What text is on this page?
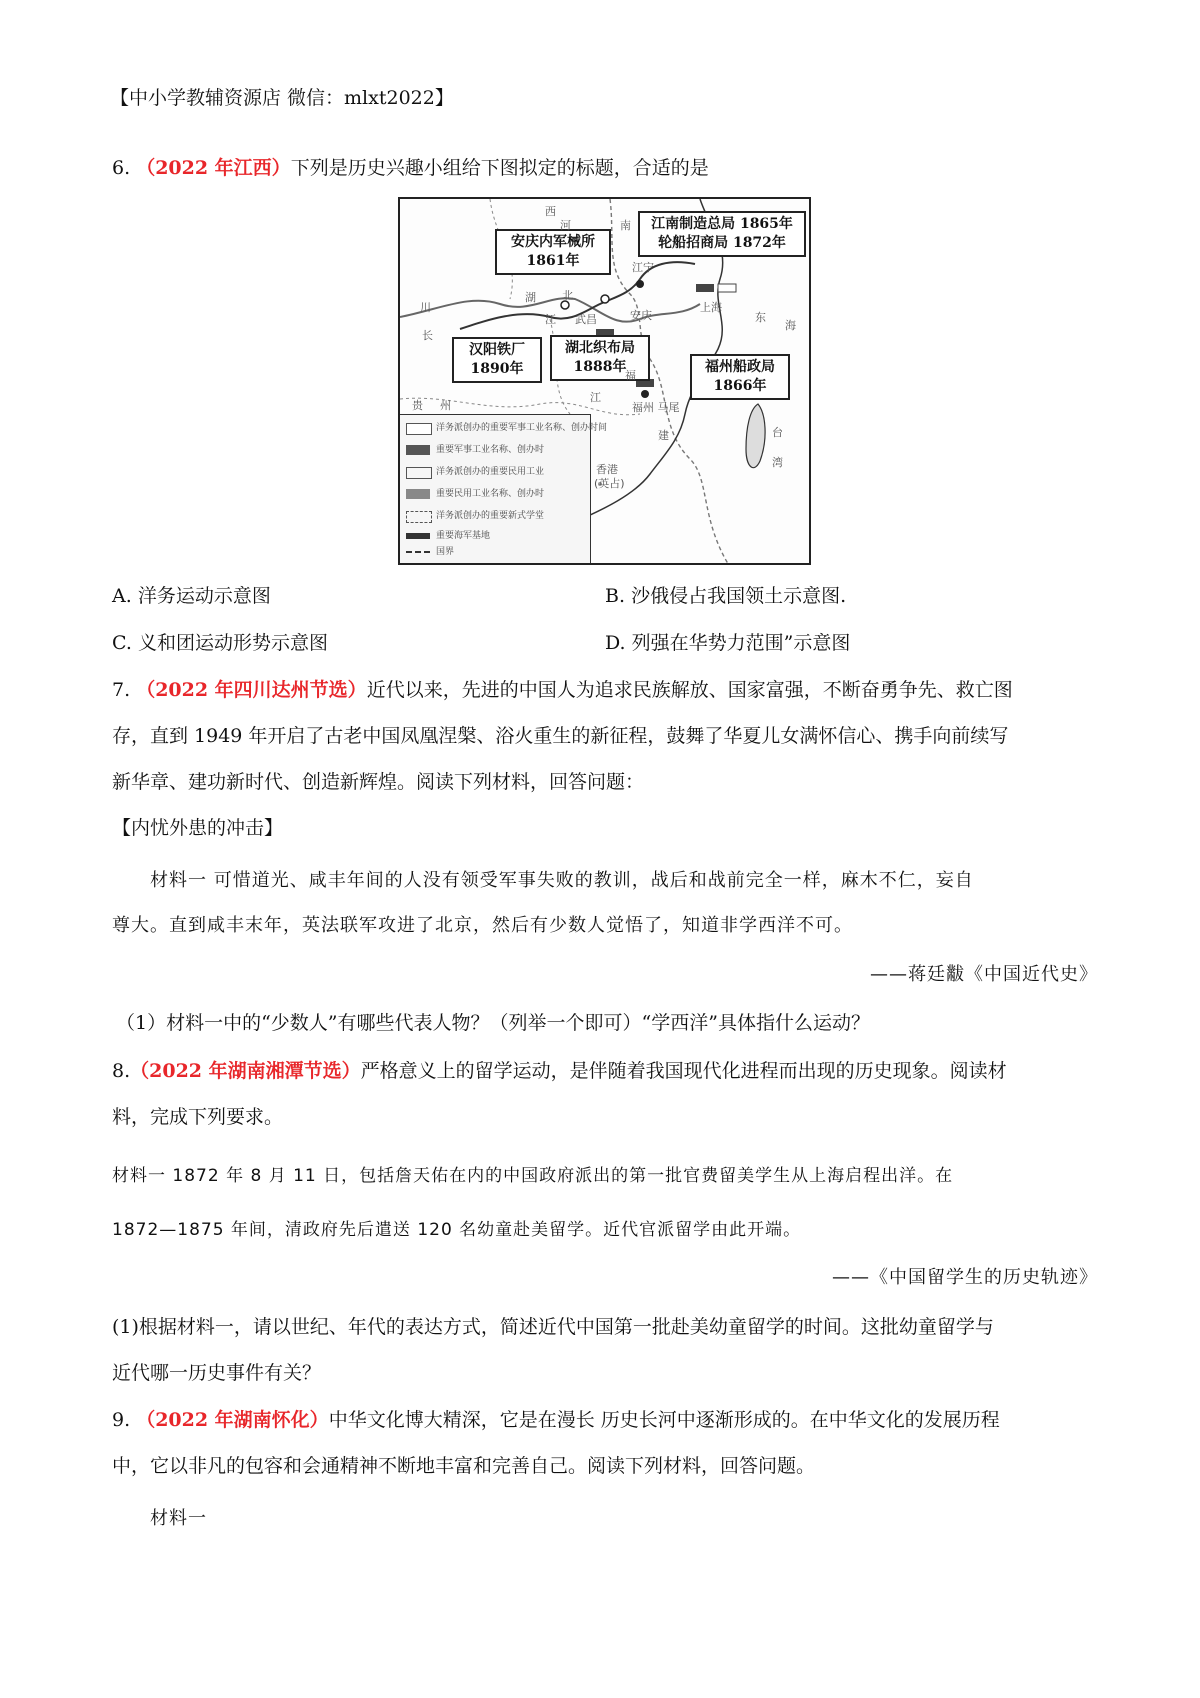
【中小学教辅资源店 微信：mlxt2022】
6. （2022 年江西）下列是历史兴趣小组给下图拟定的标题，合适的是
安庆内军械所
1861年
江南制造总局 1865年
轮船招商局 1872年
汉阳铁厂
1890年
湖北织布局
1888年	福州船政局
1866年
西
河	南
湖 北
川
长
江	安庆
上海
江宁
东
海
贵 州
江
福
建	台
湾
香港
(英占)
福州 马尾
武昌
洋务派创办的重要军事工业名称、创办时间
重要军事工业名称、创办时
洋务派创办的重要民用工业
重要民用工业名称、创办时
洋务派创办的重要新式学堂
重要海军基地
国界
A. 洋务运动示意图	B. 沙俄侵占我国领土示意图.
C. 义和团运动形势示意图	D. 列强在华势力范围”示意图
7. （2022 年四川达州节选）近代以来，先进的中国人为追求民族解放、国家富强，不断奋勇争先、救亡图
存，直到 1949 年开启了古老中国凤凰涅槃、浴火重生的新征程，鼓舞了华夏儿女满怀信心、携手向前续写
新华章、建功新时代、创造新辉煌。阅读下列材料，回答问题：
【内忧外患的冲击】
材料一 可惜道光、咸丰年间的人没有领受军事失败的教训，战后和战前完全一样，麻木不仁，妄自
尊大。直到咸丰末年，英法联军攻进了北京，然后有少数人觉悟了，知道非学西洋不可。
——蒋廷黻《中国近代史》
（1）材料一中的“少数人”有哪些代表人物？（列举一个即可）“学西洋”具体指什么运动？
8.（2022 年湖南湘潭节选）严格意义上的留学运动，是伴随着我国现代化进程而出现的历史现象。阅读材
料，完成下列要求。
材料一 1872 年 8 月 11 日，包括詹天佑在内的中国政府派出的第一批官费留美学生从上海启程出洋。在
1872—1875 年间，清政府先后遣送 120 名幼童赴美留学。近代官派留学由此开端。
——《中国留学生的历史轨迹》
(1)根据材料一，请以世纪、年代的表达方式，简述近代中国第一批赴美幼童留学的时间。这批幼童留学与
近代哪一历史事件有关？
9. （2022 年湖南怀化）中华文化博大精深，它是在漫长 历史长河中逐渐形成的。在中华文化的发展历程
中，它以非凡的包容和会通精神不断地丰富和完善自己。阅读下列材料，回答问题。
材料一
